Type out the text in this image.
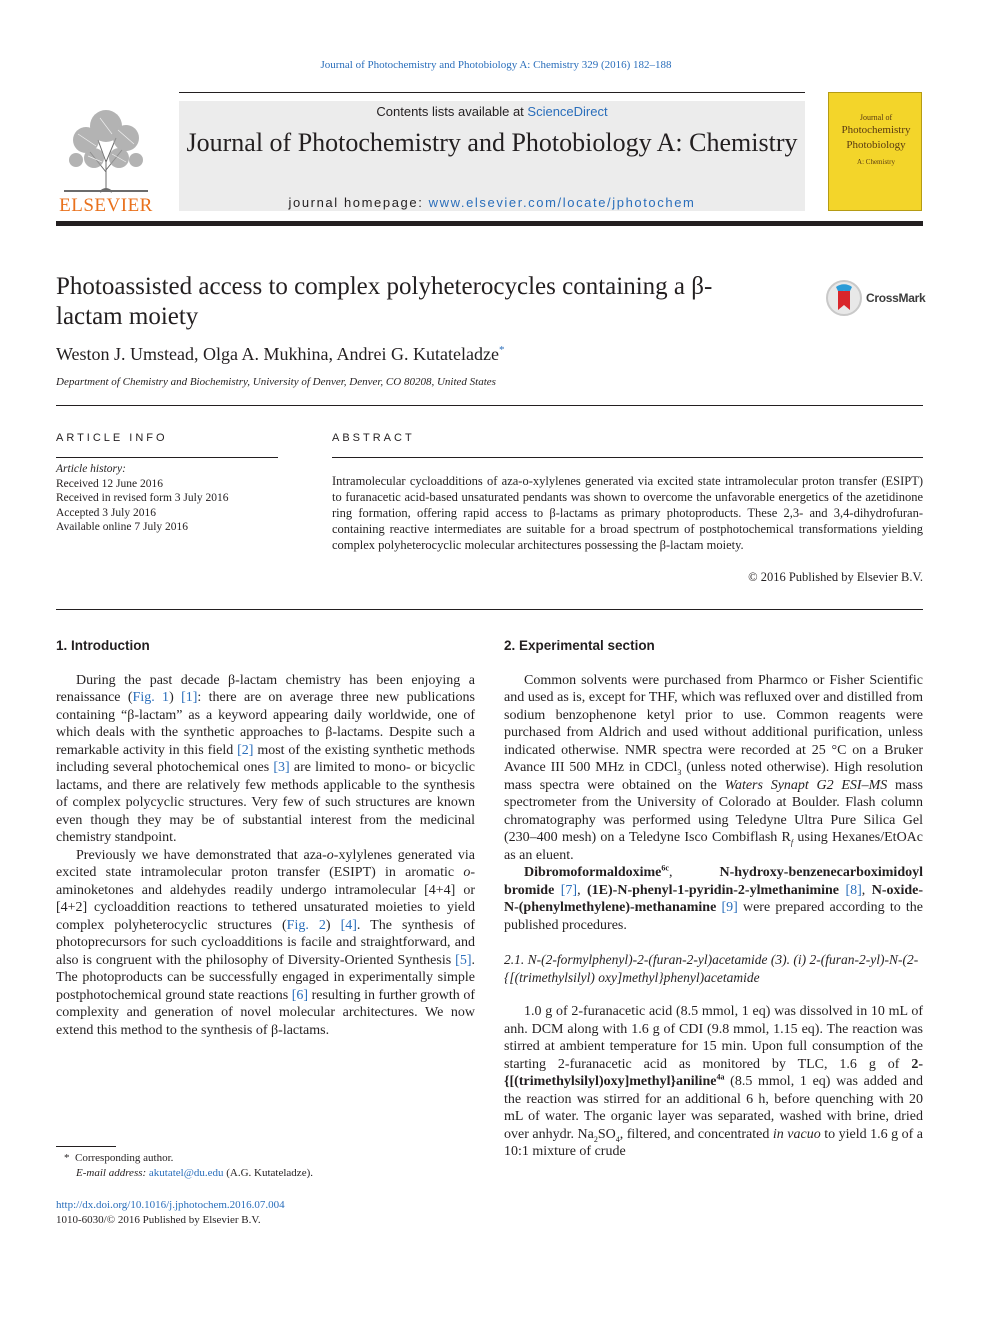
Journal of Photochemistry and Photobiology A: Chemistry 329 (2016) 182–188
ELSEVIER
Contents lists available at ScienceDirect
Journal of Photochemistry and Photobiology A: Chemistry
journal homepage: www.elsevier.com/locate/jphotochem
Journal of
Photochemistry
Photobiology
A: Chemistry
Photoassisted access to complex polyheterocycles containing a β-lactam moiety
CrossMark
Weston J. Umstead, Olga A. Mukhina, Andrei G. Kutateladze*
Department of Chemistry and Biochemistry, University of Denver, Denver, CO 80208, United States
ARTICLE INFO
Article history:
Received 12 June 2016
Received in revised form 3 July 2016
Accepted 3 July 2016
Available online 7 July 2016
ABSTRACT
Intramolecular cycloadditions of aza-o-xylylenes generated via excited state intramolecular proton transfer (ESIPT) to furanacetic acid-based unsaturated pendants was shown to overcome the unfavorable energetics of the azetidinone ring formation, offering rapid access to β-lactams as primary photoproducts. These 2,3- and 3,4-dihydrofuran-containing reactive intermediates are suitable for a broad spectrum of postphotochemical transformations yielding complex polyheterocyclic molecular architectures possessing the β-lactam moiety.
© 2016 Published by Elsevier B.V.
1. Introduction

During the past decade β-lactam chemistry has been enjoying a renaissance (Fig. 1) [1]: there are on average three new publications containing “β-lactam” as a keyword appearing daily worldwide, one of which deals with the synthetic approaches to β-lactams. Despite such a remarkable activity in this field [2] most of the existing synthetic methods including several photochemical ones [3] are limited to mono- or bicyclic lactams, and there are relatively few methods applicable to the synthesis of complex polycyclic structures. Very few of such structures are known even though they may be of substantial interest from the medicinal chemistry standpoint.

Previously we have demonstrated that aza-o-xylylenes generated via excited state intramolecular proton transfer (ESIPT) in aromatic o-aminoketones and aldehydes readily undergo intramolecular [4+4] or [4+2] cycloaddition reactions to tethered unsaturated moieties to yield complex polyheterocyclic structures (Fig. 2) [4]. The synthesis of photoprecursors for such cycloadditions is facile and straightforward, and also is congruent with the philosophy of Diversity-Oriented Synthesis [5]. The photoproducts can be successfully engaged in experimentally simple postphotochemical ground state reactions [6] resulting in further growth of complexity and generation of novel molecular architectures. We now extend this method to the synthesis of β-lactams.

* Corresponding author.
E-mail address: akutatel@du.edu (A.G. Kutateladze).
http://dx.doi.org/10.1016/j.jphotochem.2016.07.004
1010-6030/© 2016 Published by Elsevier B.V.
2. Experimental section

Common solvents were purchased from Pharmco or Fisher Scientific and used as is, except for THF, which was refluxed over and distilled from sodium benzophenone ketyl prior to use. Common reagents were purchased from Aldrich and used without additional purification, unless indicated otherwise. NMR spectra were recorded at 25 °C on a Bruker Avance III 500 MHz in CDCl$_3$ (unless noted otherwise). High resolution mass spectra were obtained on the Waters Synapt G2 ESI–MS mass spectrometer from the University of Colorado at Boulder. Flash column chromatography was performed using Teledyne Ultra Pure Silica Gel (230–400 mesh) on a Teledyne Isco Combiflash $R_f$ using Hexanes/EtOAc as an eluent.

Dibromoformaldoxime$^{6c}$, N-hydroxy-benzenecarboximidoyl bromide [7], (1E)-N-phenyl-1-pyridin-2-ylmethanimine [8], N-oxide-N-(phenylmethylene)-methanamine [9] were prepared according to the published procedures.

2.1. N-(2-formylphenyl)-2-(furan-2-yl)acetamide (3). (i) 2-(furan-2-yl)-N-(2-{[(trimethylsilyl) oxy]methyl}phenyl)acetamide

1.0 g of 2-furanacetic acid (8.5 mmol, 1 eq) was dissolved in 10 mL of anh. DCM along with 1.6 g of CDI (9.8 mmol, 1.15 eq). The reaction was stirred at ambient temperature for 15 min. Upon full consumption of the starting 2-furanacetic acid as monitored by TLC, 1.6 g of 2-{[(trimethylsilyl)oxy]methyl}aniline$^{4a}$ (8.5 mmol, 1 eq) was added and the reaction was stirred for an additional 6 h, before quenching with 20 mL of water. The organic layer was separated, washed with brine, dried over anhydr. $Na_2SO_4$, filtered, and concentrated in vacuo to yield 1.6 g of a 10:1 mixture of crude
